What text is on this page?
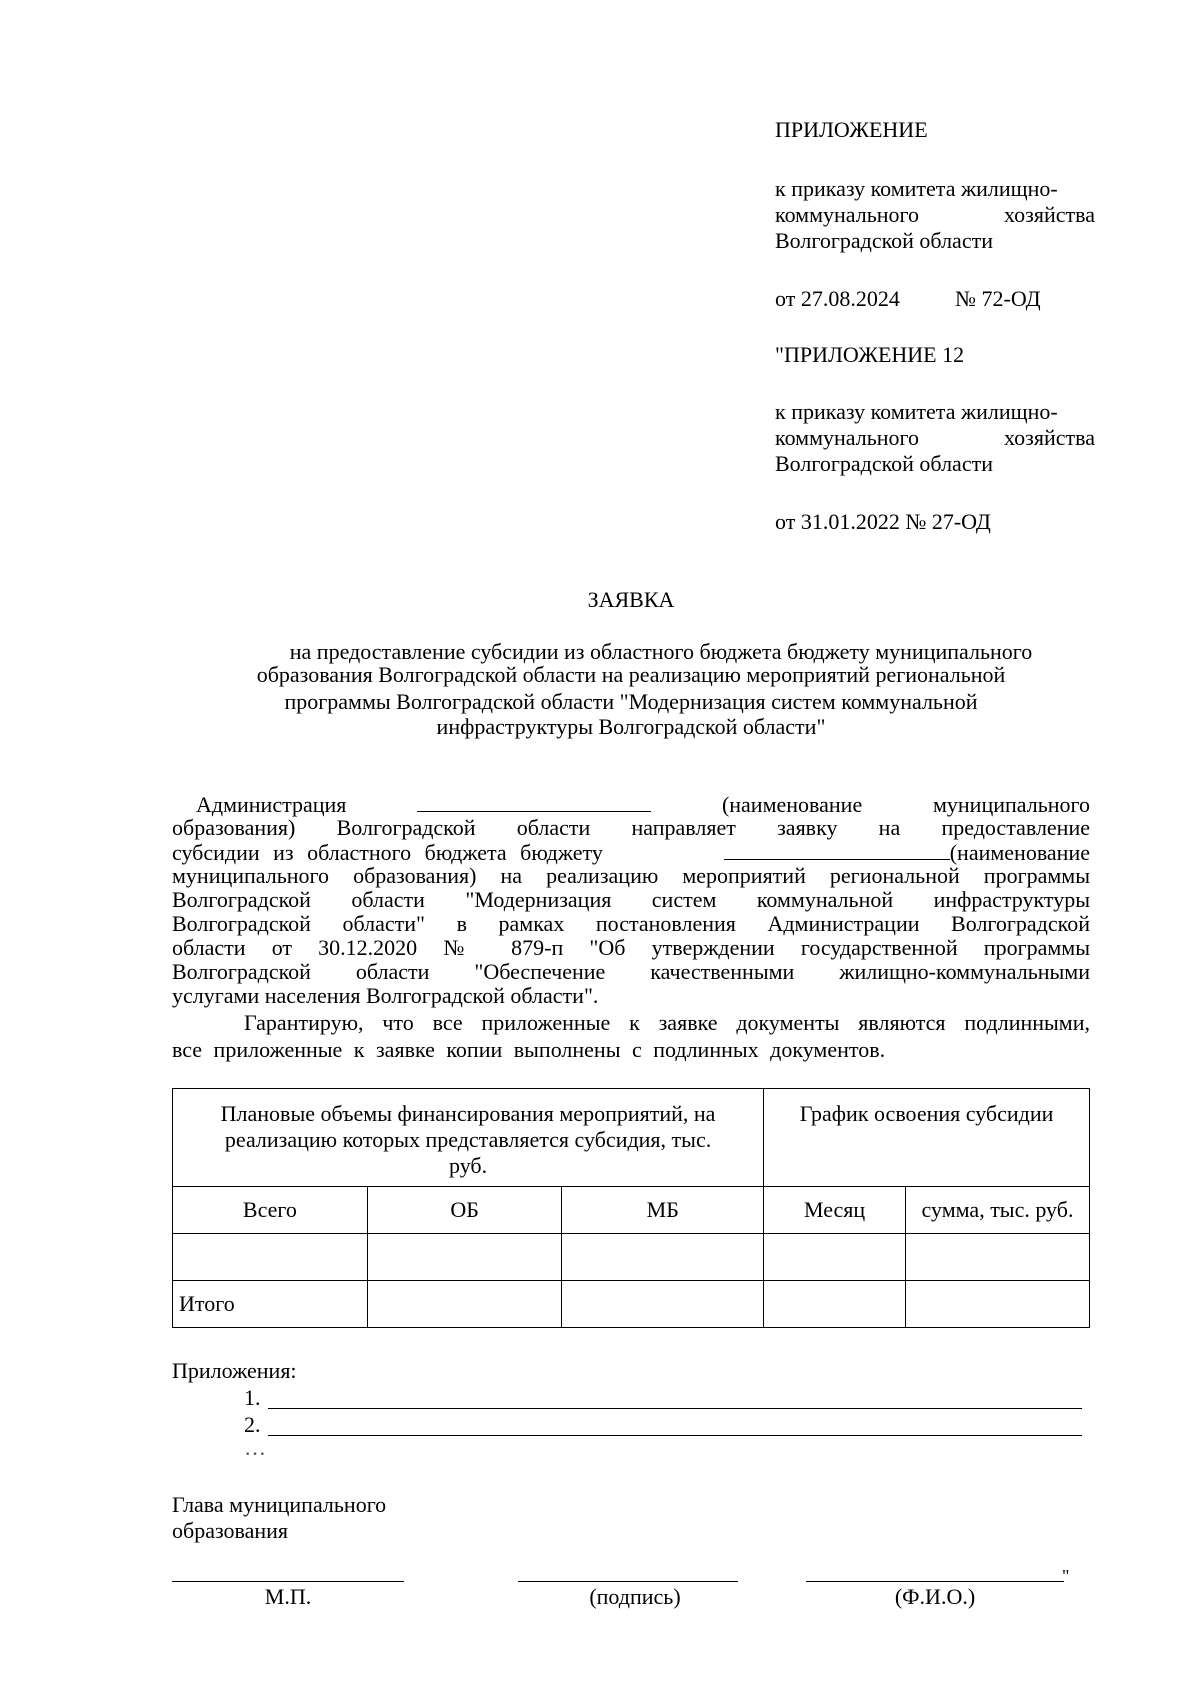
ПРИЛОЖЕНИЕ
к приказу комитета жилищно-
коммунального хозяйства
Волгоградской области
от 27.08.2024	№ 72-ОД
"ПРИЛОЖЕНИЕ 12
к приказу комитета жилищно-
коммунального хозяйства
Волгоградской области
от 31.01.2022 № 27-ОД
ЗАЯВКА
на предоставление субсидии из областного бюджета бюджету муниципального
образования Волгоградской области на реализацию мероприятий региональной
программы Волгоградской области "Модернизация систем коммунальной
инфраструктуры Волгоградской области"
Администрация	(наименование	муниципального
образования) Волгоградской области направляет заявку на предоставление
субсидии из областного бюджета бюджету	(наименование
муниципального образования) на реализацию мероприятий региональной программы
Волгоградской области "Модернизация систем коммунальной инфраструктуры
Волгоградской области" в рамках постановления Администрации Волгоградской
области от 30.12.2020 № 879-п "Об утверждении государственной программы
Волгоградской области "Обеспечение качественными жилищно-коммунальными
услугами населения Волгоградской области".
Гарантирую, что все приложенные к заявке документы являются подлинными,
все приложенные к заявке копии выполнены с подлинных документов.
Плановые объемы финансирования мероприятий, на реализацию которых представляется субсидия, тыс. руб.			График освоения субсидии	
Всего	ОБ	МБ	Месяц	сумма, тыс. руб.

Итого				
Приложения:
1.
2.
…
Глава муниципального
образования
"
М.П.	(подпись)	(Ф.И.О.)
